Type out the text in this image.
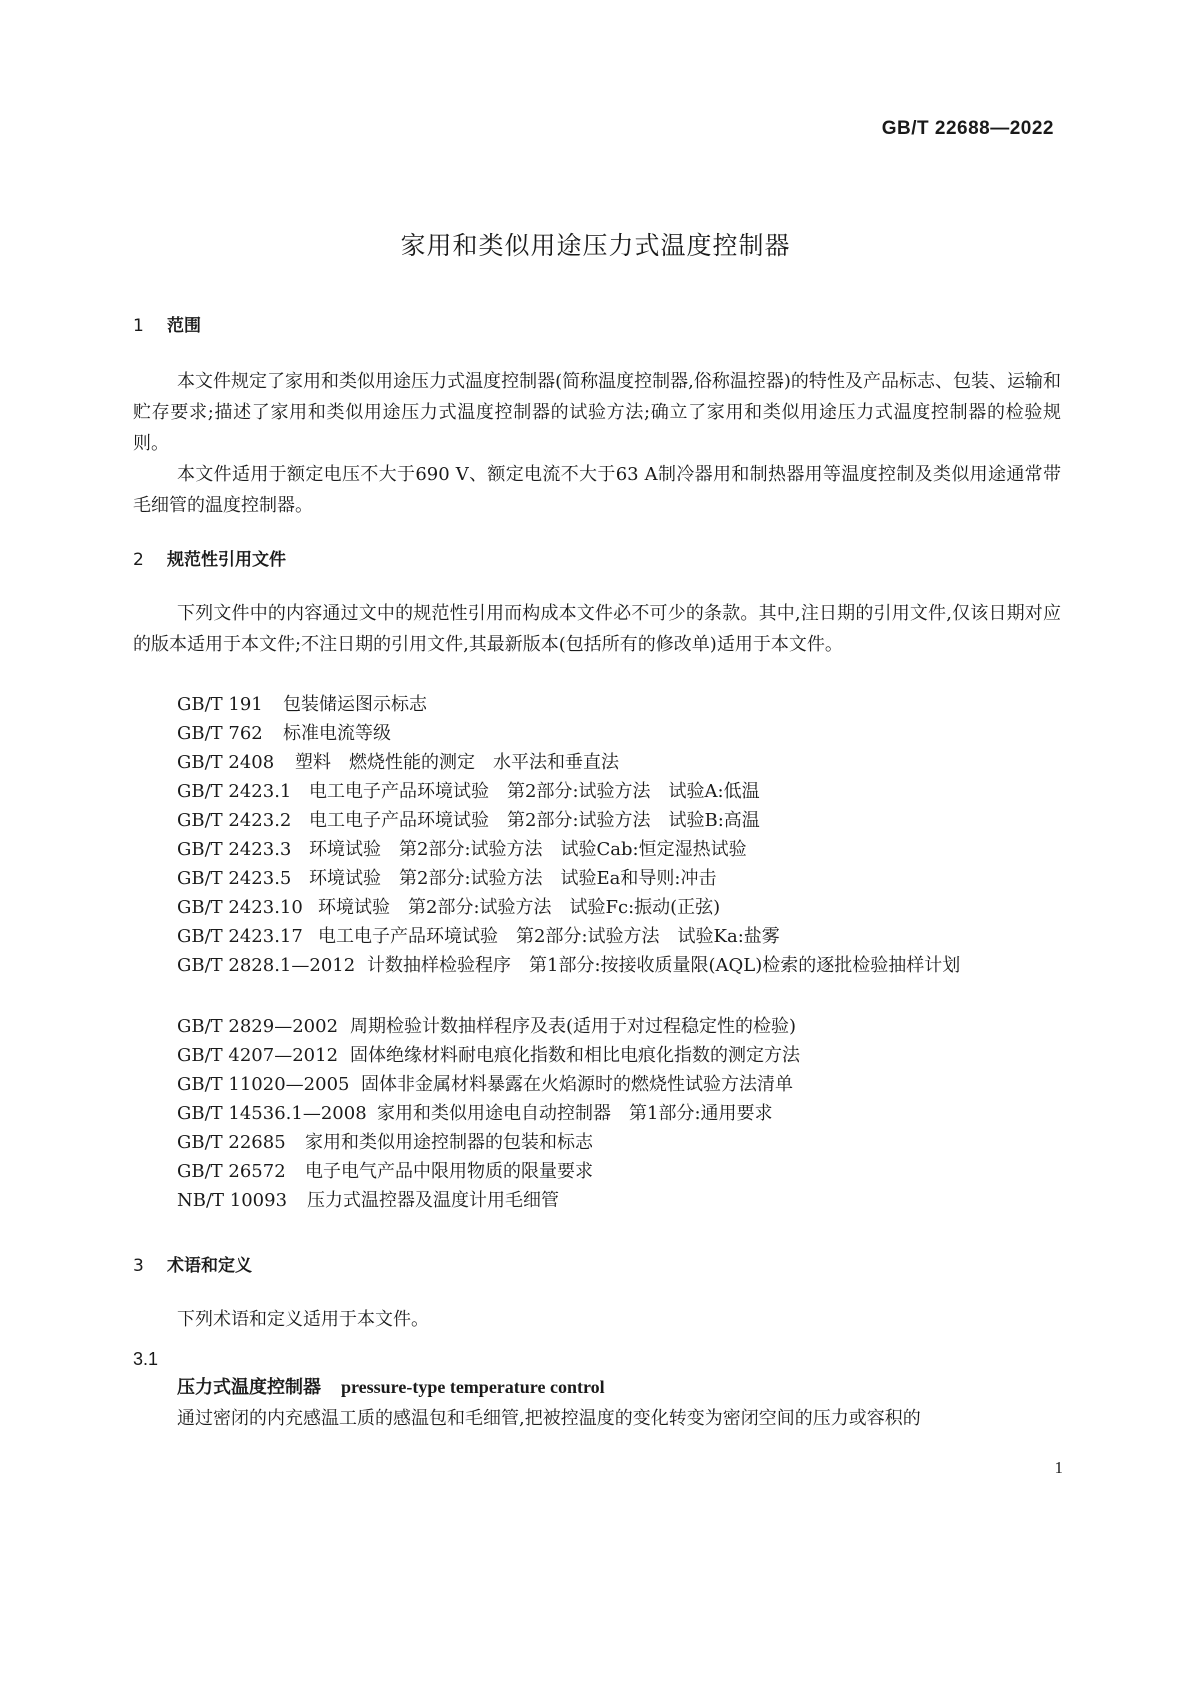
GB/T 22688—2022
家用和类似用途压力式温度控制器
1 范围
本文件规定了家用和类似用途压力式温度控制器(简称温度控制器,俗称温控器)的特性及产品标志、包装、运输和贮存要求;描述了家用和类似用途压力式温度控制器的试验方法;确立了家用和类似用途压力式温度控制器的检验规则。
本文件适用于额定电压不大于690 V、额定电流不大于63 A制冷器用和制热器用等温度控制及类似用途通常带毛细管的温度控制器。
2 规范性引用文件
下列文件中的内容通过文中的规范性引用而构成本文件必不可少的条款。其中,注日期的引用文件,仅该日期对应的版本适用于本文件;不注日期的引用文件,其最新版本(包括所有的修改单)适用于本文件。
GB/T 191 包装储运图示标志
GB/T 762 标准电流等级
GB/T 2408 塑料　燃烧性能的测定　水平法和垂直法
GB/T 2423.1 电工电子产品环境试验　第2部分:试验方法　试验A:低温
GB/T 2423.2 电工电子产品环境试验　第2部分:试验方法　试验B:高温
GB/T 2423.3 环境试验　第2部分:试验方法　试验Cab:恒定湿热试验
GB/T 2423.5 环境试验　第2部分:试验方法　试验Ea和导则:冲击
GB/T 2423.10 环境试验　第2部分:试验方法　试验Fc:振动(正弦)
GB/T 2423.17 电工电子产品环境试验　第2部分:试验方法　试验Ka:盐雾
GB/T 2828.1—2012 计数抽样检验程序　第1部分:按接收质量限(AQL)检索的逐批检验抽样计划
GB/T 2829—2002 周期检验计数抽样程序及表(适用于对过程稳定性的检验)
GB/T 4207—2012 固体绝缘材料耐电痕化指数和相比电痕化指数的测定方法
GB/T 11020—2005 固体非金属材料暴露在火焰源时的燃烧性试验方法清单
GB/T 14536.1—2008 家用和类似用途电自动控制器　第1部分:通用要求
GB/T 22685 家用和类似用途控制器的包装和标志
GB/T 26572 电子电气产品中限用物质的限量要求
NB/T 10093 压力式温控器及温度计用毛细管
3 术语和定义
下列术语和定义适用于本文件。
3.1
压力式温度控制器 pressure-type temperature control
通过密闭的内充感温工质的感温包和毛细管,把被控温度的变化转变为密闭空间的压力或容积的
1
